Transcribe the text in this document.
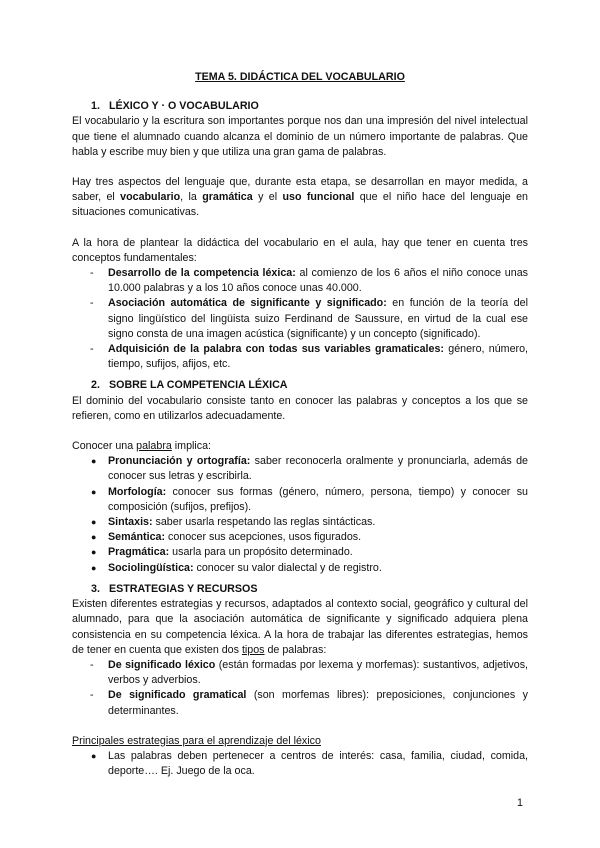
TEMA 5. DIDÁCTICA DEL VOCABULARIO

1. LÉXICO Y · O VOCABULARIO

El vocabulario y la escritura son importantes porque nos dan una impresión del nivel intelectual que tiene el alumnado cuando alcanza el dominio de un número importante de palabras. Que habla y escribe muy bien y que utiliza una gran gama de palabras.

Hay tres aspectos del lenguaje que, durante esta etapa, se desarrollan en mayor medida, a saber, el vocabulario, la gramática y el uso funcional que el niño hace del lenguaje en situaciones comunicativas.

A la hora de plantear la didáctica del vocabulario en el aula, hay que tener en cuenta tres conceptos fundamentales:

- Desarrollo de la competencia léxica: al comienzo de los 6 años el niño conoce unas 10.000 palabras y a los 10 años conoce unas 40.000.
- Asociación automática de significante y significado: en función de la teoría del signo lingüístico del lingüista suizo Ferdinand de Saussure, en virtud de la cual ese signo consta de una imagen acústica (significante) y un concepto (significado).
- Adquisición de la palabra con todas sus variables gramaticales: género, número, tiempo, sufijos, afijos, etc.
2. SOBRE LA COMPETENCIA LÉXICA

El dominio del vocabulario consiste tanto en conocer las palabras y conceptos a los que se refieren, como en utilizarlos adecuadamente.

Conocer una palabra implica:

● Pronunciación y ortografía: saber reconocerla oralmente y pronunciarla, además de conocer sus letras y escribirla.
● Morfología: conocer sus formas (género, número, persona, tiempo) y conocer su composición (sufijos, prefijos).
● Sintaxis: saber usarla respetando las reglas sintácticas.
● Semántica: conocer sus acepciones, usos figurados.
● Pragmática: usarla para un propósito determinado.
● Sociolingüística: conocer su valor dialectal y de registro.
3. ESTRATEGIAS Y RECURSOS

Existen diferentes estrategias y recursos, adaptados al contexto social, geográfico y cultural del alumnado, para que la asociación automática de significante y significado adquiera plena consistencia en su competencia léxica. A la hora de trabajar las diferentes estrategias, hemos de tener en cuenta que existen dos tipos de palabras:

- De significado léxico (están formadas por lexema y morfemas): sustantivos, adjetivos, verbos y adverbios.
- De significado gramatical (son morfemas libres): preposiciones, conjunciones y determinantes.

Principales estrategias para el aprendizaje del léxico

● Las palabras deben pertenecer a centros de interés: casa, familia, ciudad, comida, deporte…. Ej. Juego de la oca.
1
